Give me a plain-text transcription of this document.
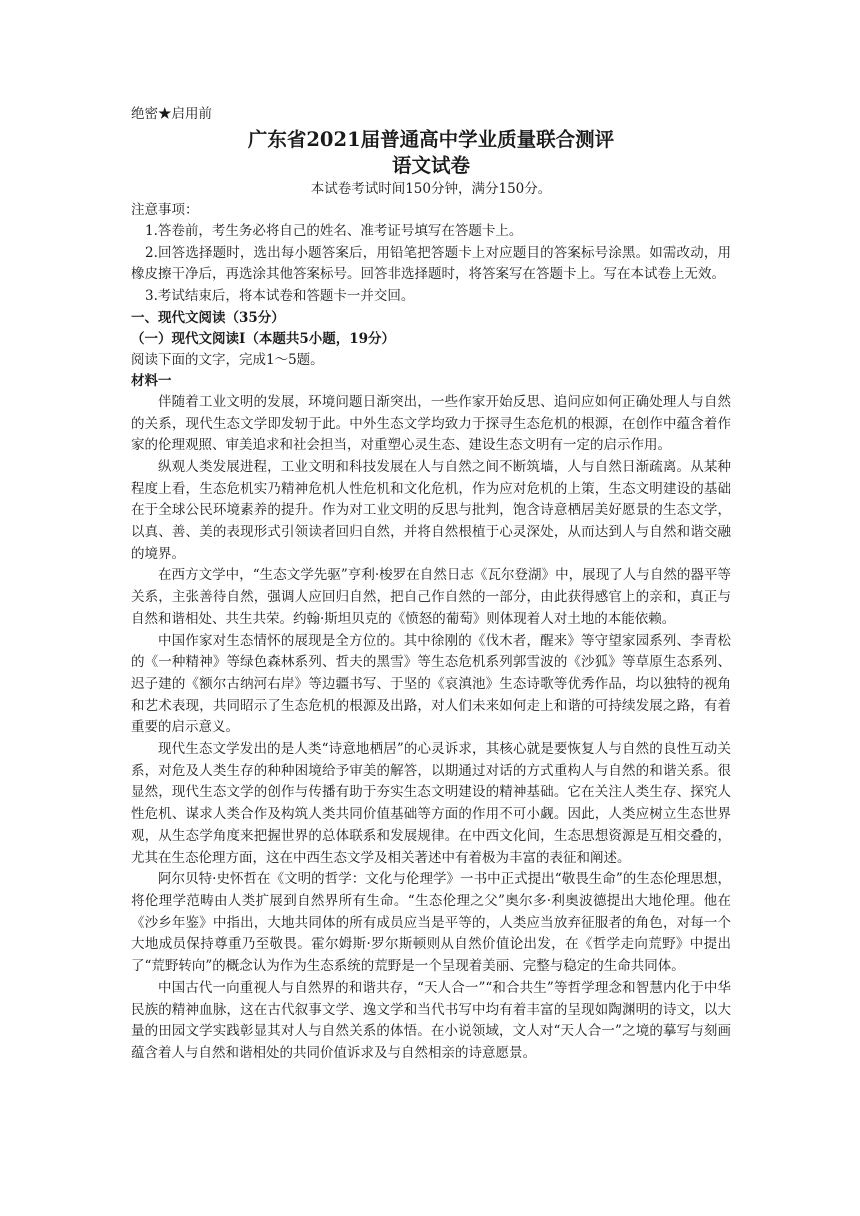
绝密★启用前
广东省2021届普通高中学业质量联合测评
语文试卷
本试卷考试时间150分钟，满分150分。
注意事项：

1.答卷前，考生务必将自己的姓名、准考证号填写在答题卡上。

2.回答选择题时，选出每小题答案后，用铅笔把答题卡上对应题目的答案标号涂黑。如需改动，用橡皮擦干净后，再选涂其他答案标号。回答非选择题时，将答案写在答题卡上。写在本试卷上无效。

3.考试结束后，将本试卷和答题卡一并交回。

一、现代文阅读（35分）
（一）现代文阅读Ⅰ（本题共5小题，19分）
阅读下面的文字，完成1～5题。
材料一

伴随着工业文明的发展，环境问题日渐突出，一些作家开始反思、追问应如何正确处理人与自然的关系，现代生态文学即发轫于此。中外生态文学均致力于探寻生态危机的根源，在创作中蕴含着作家的伦理观照、审美追求和社会担当，对重塑心灵生态、建设生态文明有一定的启示作用。

纵观人类发展进程，工业文明和科技发展在人与自然之间不断筑墙，人与自然日渐疏离。从某种程度上看，生态危机实乃精神危机人性危机和文化危机，作为应对危机的上策，生态文明建设的基础在于全球公民环境素养的提升。作为对工业文明的反思与批判，饱含诗意栖居美好愿景的生态文学，以真、善、美的表现形式引领读者回归自然，并将自然根植于心灵深处，从而达到人与自然和谐交融的境界。

在西方文学中，“生态文学先驱”亨利·梭罗在自然日志《瓦尔登湖》中，展现了人与自然的器平等关系，主张善待自然，强调人应回归自然，把自己作自然的一部分，由此获得感官上的亲和，真正与自然和谐相处、共生共荣。约翰·斯坦贝克的《愤怒的葡萄》则体现着人对土地的本能依赖。

中国作家对生态情怀的展现是全方位的。其中徐刚的《伐木者，醒来》等守望家园系列、李青松的《一种精神》等绿色森林系列、哲夫的黑雪》等生态危机系列郭雪波的《沙狐》等草原生态系列、迟子建的《额尔古纳河右岸》等边疆书写、于坚的《哀滇池》生态诗歌等优秀作品，均以独特的视角和艺术表现，共同昭示了生态危机的根源及出路，对人们未来如何走上和谐的可持续发展之路，有着重要的启示意义。

现代生态文学发出的是人类“诗意地栖居”的心灵诉求，其核心就是要恢复人与自然的良性互动关系，对危及人类生存的种种困境给予审美的解答，以期通过对话的方式重构人与自然的和谐关系。很显然，现代生态文学的创作与传播有助于夯实生态文明建设的精神基础。它在关注人类生存、探究人性危机、谋求人类合作及构筑人类共同价值基础等方面的作用不可小觑。因此，人类应树立生态世界观，从生态学角度来把握世界的总体联系和发展规律。在中西文化间，生态思想资源是互相交叠的，尤其在生态伦理方面，这在中西生态文学及相关著述中有着极为丰富的表征和阐述。

阿尔贝特·史怀哲在《文明的哲学：文化与伦理学》一书中正式提出“敬畏生命”的生态伦理思想，将伦理学范畴由人类扩展到自然界所有生命。“生态伦理之父”奥尔多·利奥波德提出大地伦理。他在《沙乡年鉴》中指出，大地共同体的所有成员应当是平等的，人类应当放弃征服者的角色，对每一个大地成员保持尊重乃至敬畏。霍尔姆斯·罗尔斯顿则从自然价值论出发，在《哲学走向荒野》中提出了“荒野转向”的概念认为作为生态系统的荒野是一个呈现着美丽、完整与稳定的生命共同体。

中国古代一向重视人与自然界的和谐共存，“天人合一”“和合共生”等哲学理念和智慧内化于中华民族的精神血脉，这在古代叙事文学、逸文学和当代书写中均有着丰富的呈现如陶渊明的诗文，以大量的田园文学实践彰显其对人与自然关系的体悟。在小说领域，文人对“天人合一”之境的摹写与刻画蕴含着人与自然和谐相处的共同价值诉求及与自然相亲的诗意愿景。
